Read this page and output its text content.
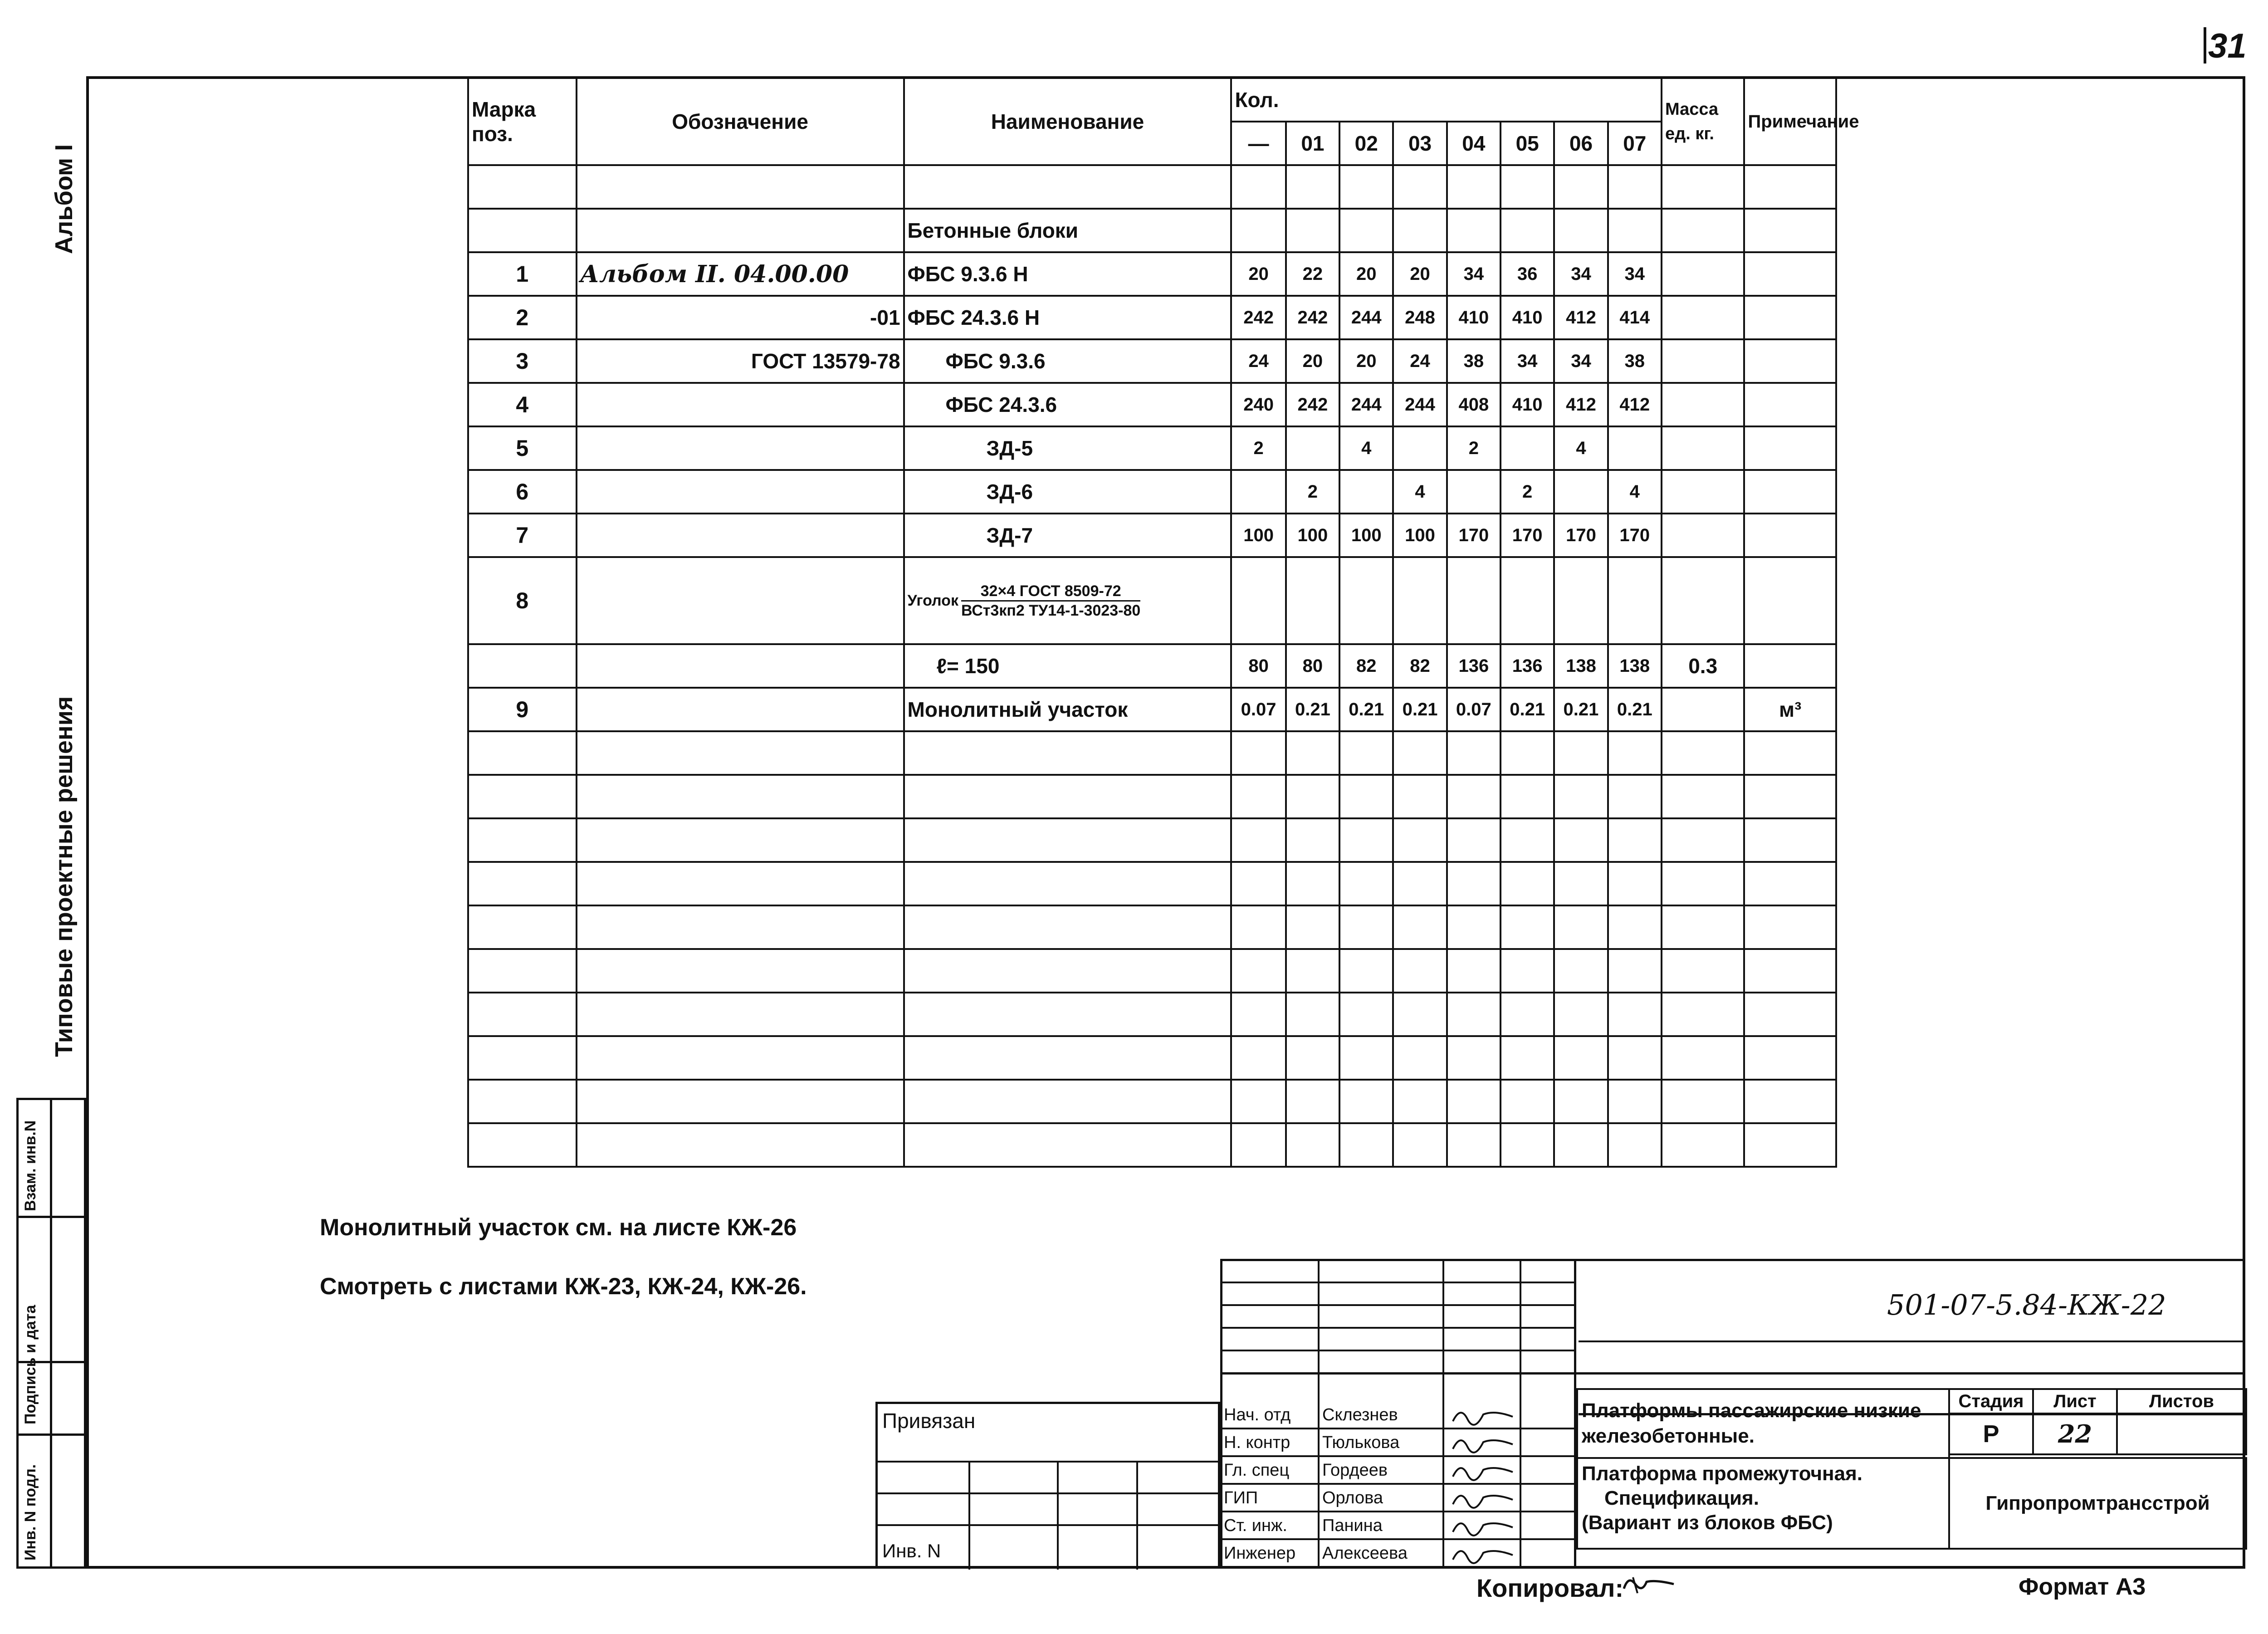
31
Альбом I
Типовые проектные решения
Инв. N подл.
Подпись и дата
Взам. инв.N
Марка поз.	Обозначение	Наименование	Кол.								Масса ед. кг.	Примечание
			—	01	02	03	04	05	06	07		

		Бетонные блоки										
1	Альбом II. 04.00.00	ФБС 9.3.6 Н	20	22	20	20	34	36	34	34		
2	-01	ФБС 24.3.6 Н	242	242	244	248	410	410	412	414		
3	ГОСТ 13579-78	ФБС 9.3.6	24	20	20	24	38	34	34	38		
4		ФБС 24.3.6	240	242	244	244	408	410	412	412		
5		ЗД-5	2		4		2		4			
6		ЗД-6		2		4		2		4		
7		ЗД-7	100	100	100	100	170	170	170	170		
8		Уголок
32×4 ГОСТ 8509-72
ВСт3кп2 ТУ14-1-3023-80										

		ℓ= 150	80	80	82	82	136	136	138	138	0.3	
9		Монолитный участок	0.07	0.21	0.21	0.21	0.07	0.21	0.21	0.21		м³

Монолитный участок см. на листе КЖ-26
Смотреть с листами КЖ-23, КЖ-24, КЖ-26.
Нач. отд Склезнев
Н. контр Тюлькова
Гл. спец Гордеев
ГИП	Орлова
Ст. инж. Панина
Инженер Алексеева
Привязан
Инв. N
501-07-5.84-КЖ-22
Платформы пассажирские низкие железобетонные.	Стадия	Лист	Листов
	Р	22	

Платформа промежуточная.
Спецификация.
(Вариант из блоков ФБС)	Гипропромтрансстрой		
Копировал:	Формат А3
